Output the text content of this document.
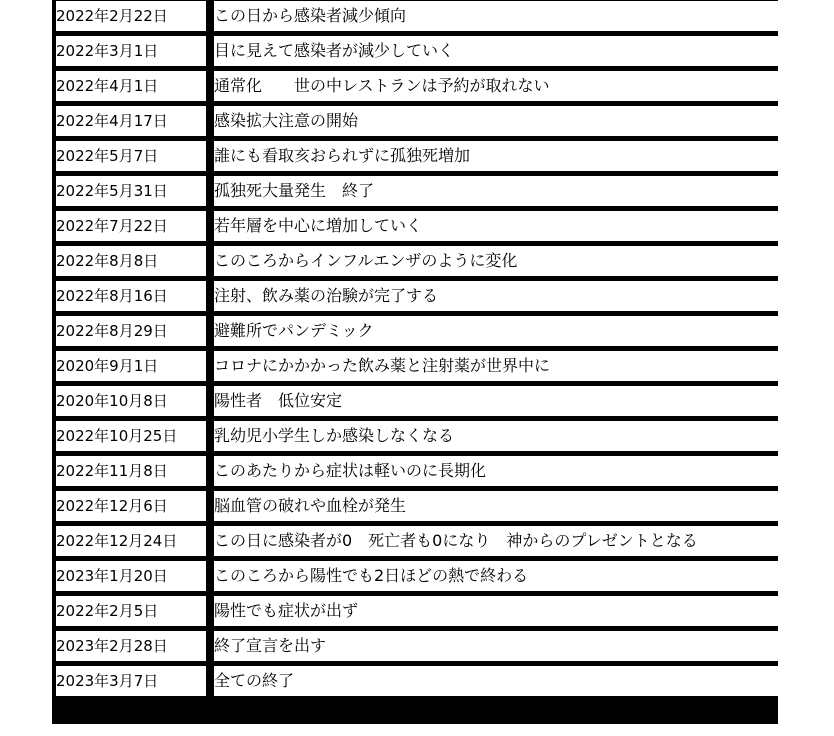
2022年2月22日		この日から感染者減少傾向

2022年3月1日		目に見えて感染者が減少していく

2022年4月1日		通常化　　世の中レストランは予約が取れない

2022年4月17日		感染拡大注意の開始

2022年5月7日		誰にも看取亥おられずに孤独死増加

2022年5月31日		孤独死大量発生　終了

2022年7月22日		若年層を中心に増加していく

2022年8月8日		このころからインフルエンザのように変化

2022年8月16日		注射、飲み薬の治験が完了する

2022年8月29日		避難所でパンデミック

2020年9月1日		コロナにかかかった飲み薬と注射薬が世界中に

2020年10月8日		陽性者　低位安定

2022年10月25日		乳幼児小学生しか感染しなくなる

2022年11月8日		このあたりから症状は軽いのに長期化

2022年12月6日		脳血管の破れや血栓が発生

2022年12月24日		この日に感染者が0　死亡者も0になり　神からのプレゼントとなる

2023年1月20日		このころから陽性でも2日ほどの熱で終わる

2022年2月5日		陽性でも症状が出ず

2023年2月28日		終了宣言を出す

2023年3月7日		全ての終了
